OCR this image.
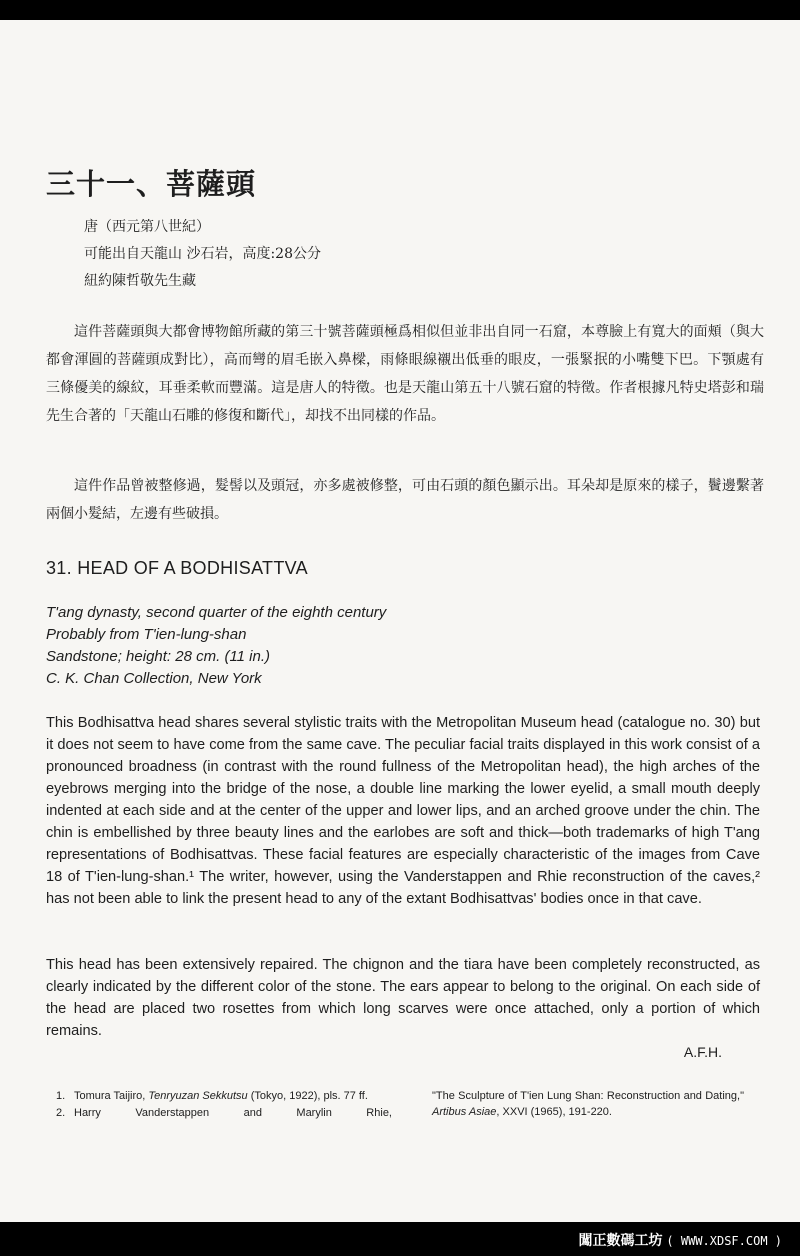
三十一、菩薩頭
唐（西元第八世紀）
可能出自天龍山 沙石岩，高度:28公分
紐約陳哲敬先生藏

這件菩薩頭與大都會博物館所藏的第三十號菩薩頭極爲相似但並非出自同一石窟，本尊臉上有寬大的面頰（與大都會渾圓的菩薩頭成對比），高而彎的眉毛嵌入鼻樑，雨條眼線襯出低垂的眼皮，一張緊抿的小嘴雙下巴。下顎處有三條優美的線紋，耳垂柔軟而豐滿。這是唐人的特徵。也是天龍山第五十八號石窟的特徵。作者根據凡特史塔彭和瑞先生合著的「天龍山石雕的修復和斷代」，却找不出同樣的作品。

這件作品曾被整修過，髮髻以及頭冠，亦多處被修整，可由石頭的顏色顯示出。耳朵却是原來的樣子，鬢邊繫著兩個小髮結，左邊有些破損。

31. HEAD OF A BODHISATTVA
T'ang dynasty, second quarter of the eighth century
Probably from T'ien-lung-shan
Sandstone; height: 28 cm. (11 in.)
C. K. Chan Collection, New York

This Bodhisattva head shares several stylistic traits with the Metropolitan Museum head (catalogue no. 30) but it does not seem to have come from the same cave. The peculiar facial traits displayed in this work consist of a pronounced broadness (in contrast with the round fullness of the Metropolitan head), the high arches of the eyebrows merging into the bridge of the nose, a double line marking the lower eyelid, a small mouth deeply indented at each side and at the center of the upper and lower lips, and an arched groove under the chin. The chin is embellished by three beauty lines and the earlobes are soft and thick—both trademarks of high T'ang representations of Bodhisattvas. These facial features are especially characteristic of the images from Cave 18 of T'ien-lung-shan.¹ The writer, however, using the Vanderstappen and Rhie reconstruction of the caves,² has not been able to link the present head to any of the extant Bodhisattvas' bodies once in that cave.

This head has been extensively repaired. The chignon and the tiara have been completely reconstructed, as clearly indicated by the different color of the stone. The ears appear to belong to the original. On each side of the head are placed two rosettes from which long scarves were once attached, only a portion of which remains.

A.F.H.
1. Tomura Taijiro, Tenryuzan Sekkutsu (Tokyo, 1922), pls. 77 ff.
2. Harry Vanderstappen and Marylin Rhie,
"The Sculpture of T'ien Lung Shan: Reconstruction and Dating," Artibus Asiae, XXVI (1965), 191-220.
闖正數碼工坊 ( WWW.XDSF.COM )
